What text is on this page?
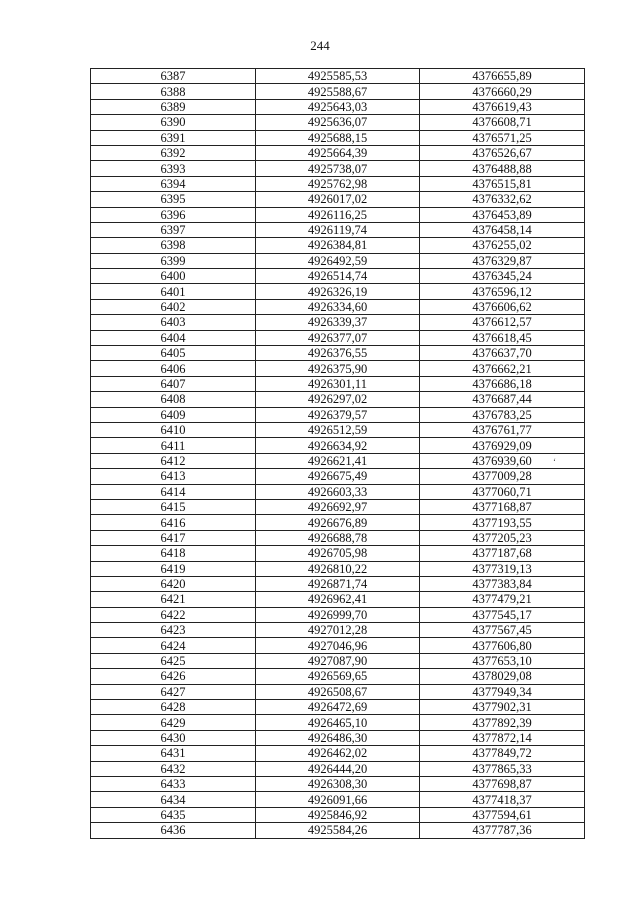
244
6387	4925585,53	4376655,89
6388	4925588,67	4376660,29
6389	4925643,03	4376619,43
6390	4925636,07	4376608,71
6391	4925688,15	4376571,25
6392	4925664,39	4376526,67
6393	4925738,07	4376488,88
6394	4925762,98	4376515,81
6395	4926017,02	4376332,62
6396	4926116,25	4376453,89
6397	4926119,74	4376458,14
6398	4926384,81	4376255,02
6399	4926492,59	4376329,87
6400	4926514,74	4376345,24
6401	4926326,19	4376596,12
6402	4926334,60	4376606,62
6403	4926339,37	4376612,57
6404	4926377,07	4376618,45
6405	4926376,55	4376637,70
6406	4926375,90	4376662,21
6407	4926301,11	4376686,18
6408	4926297,02	4376687,44
6409	4926379,57	4376783,25
6410	4926512,59	4376761,77
6411	4926634,92	4376929,09
6412	4926621,41	4376939,60
6413	4926675,49	4377009,28
6414	4926603,33	4377060,71
6415	4926692,97	4377168,87
6416	4926676,89	4377193,55
6417	4926688,78	4377205,23
6418	4926705,98	4377187,68
6419	4926810,22	4377319,13
6420	4926871,74	4377383,84
6421	4926962,41	4377479,21
6422	4926999,70	4377545,17
6423	4927012,28	4377567,45
6424	4927046,96	4377606,80
6425	4927087,90	4377653,10
6426	4926569,65	4378029,08
6427	4926508,67	4377949,34
6428	4926472,69	4377902,31
6429	4926465,10	4377892,39
6430	4926486,30	4377872,14
6431	4926462,02	4377849,72
6432	4926444,20	4377865,33
6433	4926308,30	4377698,87
6434	4926091,66	4377418,37
6435	4925846,92	4377594,61
6436	4925584,26	4377787,36
‘
